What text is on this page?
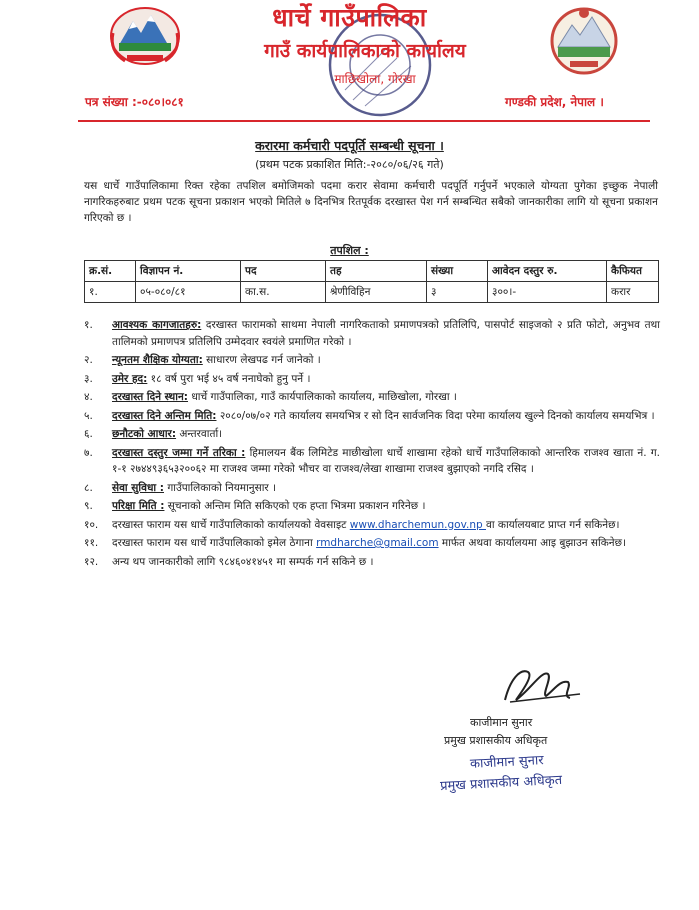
धार्चे गाउँपालिका
गाउँ कार्यपालिकाको कार्यालय
माछिखोला, गोरखा
पत्र संख्या :-०८०।०८१	गण्डकी प्रदेश, नेपाल ।
करारमा कर्मचारी पदपूर्ति सम्बन्धी सूचना ।
(प्रथम पटक प्रकाशित मिति:-२०८०/०६/२६ गते)
यस धार्चे गाउँपालिकामा रिक्त रहेका तपशिल बमोजिमको पदमा करार सेवामा कर्मचारी पदपूर्ति गर्नुपर्ने भएकाले योग्यता पुगेका इच्छुक नेपाली नागरिकहरुबाट प्रथम पटक सूचना प्रकाशन भएको मितिले ७ दिनभित्र रितपूर्वक दरखास्त पेश गर्न सम्बन्धित सबैको जानकारीका लागि यो सूचना प्रकाशन गरिएको छ ।
तपशिल :
क्र.सं.	विज्ञापन नं.	पद	तह	संख्या	आवेदन दस्तुर रु.	कैफियत
१.	०५-०८०/८१	का.स.	श्रेणीविहिन	३	३००।-	करार
१.	आवश्यक कागजातहरु: दरखास्त फारामको साथमा नेपाली नागरिकताको प्रमाणपत्रको प्रतिलिपि, पासपोर्ट साइजको २ प्रति फोटो, अनुभव तथा तालिमको प्रमाणपत्र प्रतिलिपि उम्मेदवार स्वयंले प्रमाणित गरेको ।
२.	न्यूनतम शैक्षिक योग्यता: साधारण लेखपढ गर्न जानेको ।
३.	उमेर हद: १८ वर्ष पुरा भई ४५ वर्ष ननाघेको हुनु पर्ने ।
४.	दरखास्त दिने स्थान: धार्चे गाउँपालिका, गाउँ कार्यपालिकाको कार्यालय, माछिखोला, गोरखा ।
५.	दरखास्त दिने अन्तिम मिति: २०८०/०७/०२ गते कार्यालय समयभित्र र सो दिन सार्वजनिक विदा परेमा कार्यालय खुल्ने दिनको कार्यालय समयभित्र ।
६.	छनौटको आधार: अन्तरवार्ता।
७.	दरखास्त दस्तुर जम्मा गर्ने तरिका : हिमालयन बैंक लिमिटेड माछीखोला धार्चे शाखामा रहेको धार्चे गाउँपालिकाको आन्तरिक राजश्व खाता नं. ग. १-१ २७४४९३६५३२००६२ मा राजश्व जम्मा गरेको भौचर वा राजश्व/लेखा शाखामा राजश्व बुझाएको नगदि रसिद ।
८.	सेवा सुविधा : गाउँपालिकाको नियमानुसार ।
९.	परिक्षा मिति : सूचनाको अन्तिम मिति सकिएको एक हप्ता भित्रमा प्रकाशन गरिनेछ ।
१०.	दरखास्त फाराम यस धार्चे गाउँपालिकाको कार्यालयको वेवसाइट www.dharchemun.gov.np वा कार्यालयबाट प्राप्त गर्न सकिनेछ।
११.	दरखास्त फाराम यस धार्चे गाउँपालिकाको इमेल ठेगाना rmdharche@gmail.com मार्फत अथवा कार्यालयमा आइ बुझाउन सकिनेछ।
१२.	अन्य थप जानकारीको लागि ९८४६०४१४५१ मा सम्पर्क गर्न सकिने छ ।
काजीमान सुनार
प्रमुख प्रशासकीय अधिकृत
काजीमान सुनार
प्रमुख प्रशासकीय अधिकृत
